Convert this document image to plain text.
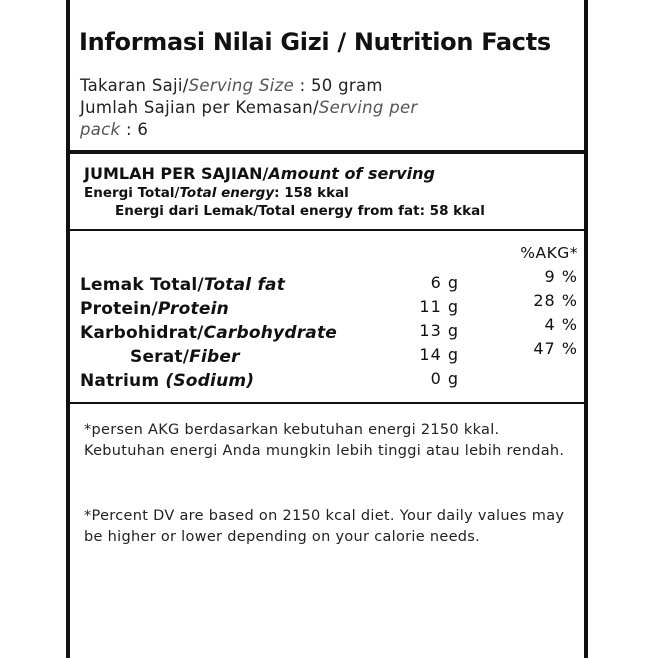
Informasi Nilai Gizi / Nutrition Facts
Takaran Saji/Serving Size : 50 gram
Jumlah Sajian per Kemasan/Serving per
pack : 6
JUMLAH PER SAJIAN/Amount of serving
Energi Total/Total energy: 158 kkal
Energi dari Lemak/Total energy from fat: 58 kkal
%AKG*
Lemak Total/Total fat	6 g	9 %
Protein/Protein	11 g	28 %
Karbohidrat/Carbohydrate	13 g	4 %
Serat/Fiber	14 g	47 %
Natrium (Sodium)	0 g
*persen AKG berdasarkan kebutuhan energi 2150 kkal. Kebutuhan energi Anda mungkin lebih tinggi atau lebih rendah.
*Percent DV are based on 2150 kcal diet. Your daily values may be higher or lower depending on your calorie needs.
